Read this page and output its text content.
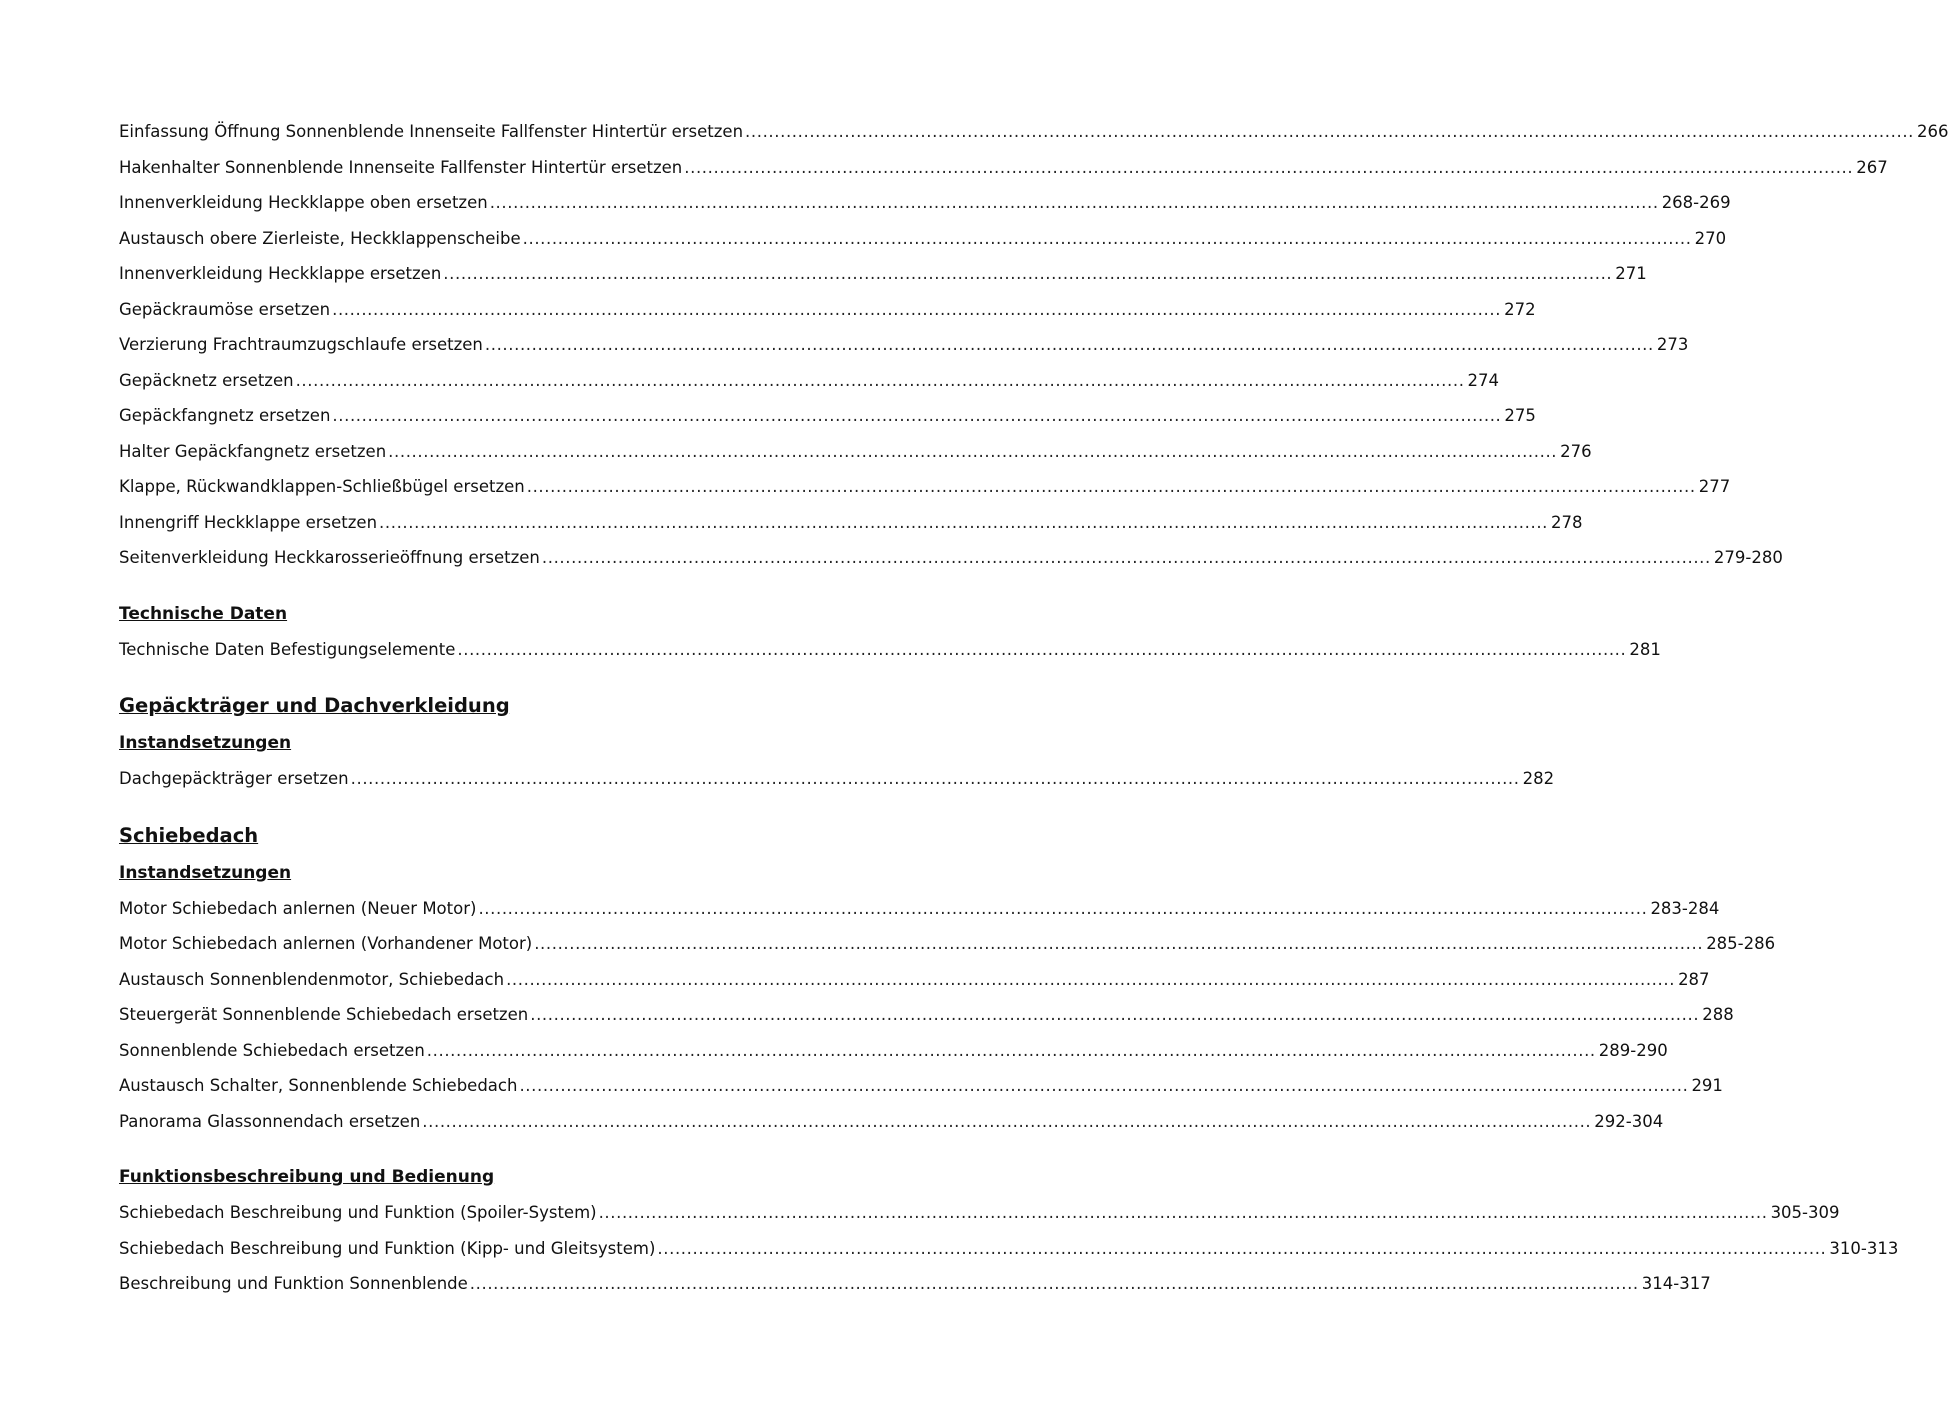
Einfassung Öffnung Sonnenblende Innenseite Fallfenster Hintertür ersetzen ........................................................................................................................................................................................................ 266
Hakenhalter Sonnenblende Innenseite Fallfenster Hintertür ersetzen ........................................................................................................................................................................................................ 267
Innenverkleidung Heckklappe oben ersetzen ........................................................................................................................................................................................................ 268-269
Austausch obere Zierleiste, Heckklappenscheibe ........................................................................................................................................................................................................ 270
Innenverkleidung Heckklappe ersetzen ........................................................................................................................................................................................................ 271
Gepäckraumöse ersetzen ........................................................................................................................................................................................................ 272
Verzierung Frachtraumzugschlaufe ersetzen ........................................................................................................................................................................................................ 273
Gepäcknetz ersetzen ........................................................................................................................................................................................................ 274
Gepäckfangnetz ersetzen ........................................................................................................................................................................................................ 275
Halter Gepäckfangnetz ersetzen ........................................................................................................................................................................................................ 276
Klappe, Rückwandklappen-Schließbügel ersetzen ........................................................................................................................................................................................................ 277
Innengriff Heckklappe ersetzen ........................................................................................................................................................................................................ 278
Seitenverkleidung Heckkarosserieöffnung ersetzen ........................................................................................................................................................................................................ 279-280
Technische Daten
Technische Daten Befestigungselemente ........................................................................................................................................................................................................ 281
Gepäckträger und Dachverkleidung
Instandsetzungen
Dachgepäckträger ersetzen ........................................................................................................................................................................................................ 282
Schiebedach
Instandsetzungen
Motor Schiebedach anlernen (Neuer Motor) ........................................................................................................................................................................................................ 283-284
Motor Schiebedach anlernen (Vorhandener Motor) ........................................................................................................................................................................................................ 285-286
Austausch Sonnenblendenmotor, Schiebedach ........................................................................................................................................................................................................ 287
Steuergerät Sonnenblende Schiebedach ersetzen ........................................................................................................................................................................................................ 288
Sonnenblende Schiebedach ersetzen ........................................................................................................................................................................................................ 289-290
Austausch Schalter, Sonnenblende Schiebedach ........................................................................................................................................................................................................ 291
Panorama Glassonnendach ersetzen ........................................................................................................................................................................................................ 292-304
Funktionsbeschreibung und Bedienung
Schiebedach Beschreibung und Funktion (Spoiler-System) ........................................................................................................................................................................................................ 305-309
Schiebedach Beschreibung und Funktion (Kipp- und Gleitsystem) ........................................................................................................................................................................................................ 310-313
Beschreibung und Funktion Sonnenblende ........................................................................................................................................................................................................ 314-317
